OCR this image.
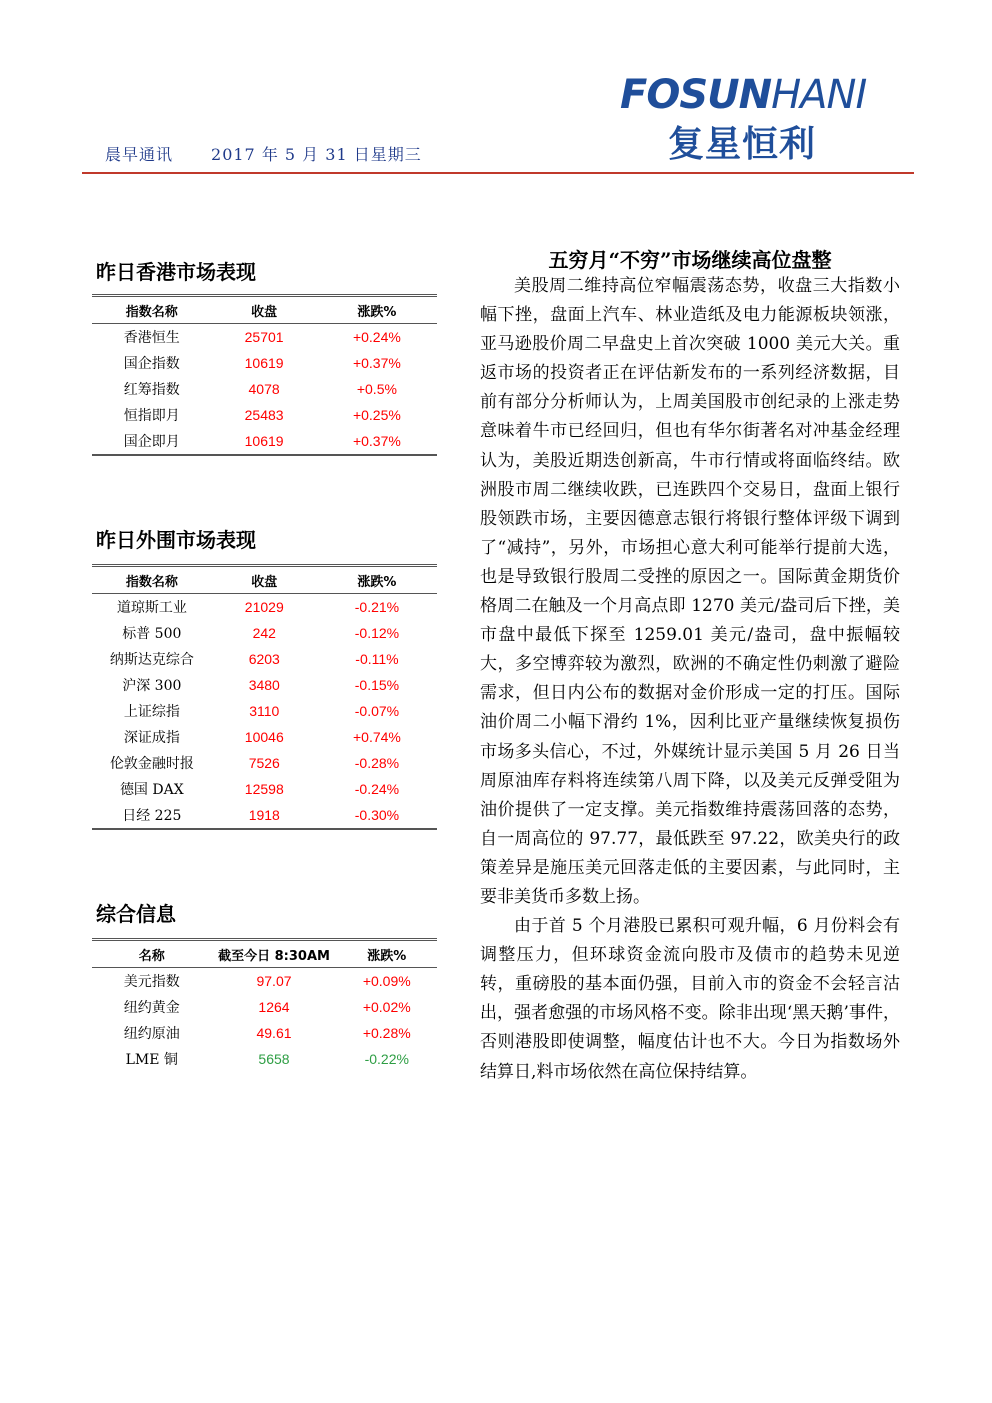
晨早通讯 2017 年 5 月 31 日星期三
FOSUNHANI
复星恒利
昨日香港市场表现
指数名称	收盘	涨跌%
香港恒生	25701	+0.24%
国企指数	10619	+0.37%
红筹指数	4078	+0.5%
恒指即月	25483	+0.25%
国企即月	10619	+0.37%
昨日外围市场表现
指数名称	收盘	涨跌%
道琼斯工业	21029	-0.21%
标普 500	242	-0.12%
纳斯达克综合	6203	-0.11%
沪深 300	3480	-0.15%
上证综指	3110	-0.07%
深证成指	10046	+0.74%
伦敦金融时报	7526	-0.28%
德国 DAX	12598	-0.24%
日经 225	1918	-0.30%
综合信息
名称	截至今日 8:30AM	涨跌%
美元指数	97.07	+0.09%
纽约黄金	1264	+0.02%
纽约原油	49.61	+0.28%
LME 铜	5658	-0.22%
五穷月“不穷”市场继续高位盘整

美股周二维持高位窄幅震荡态势，收盘三大指数小幅下挫，盘面上汽车、林业造纸及电力能源板块领涨，亚马逊股价周二早盘史上首次突破 1000 美元大关。重返市场的投资者正在评估新发布的一系列经济数据，目前有部分分析师认为，上周美国股市创纪录的上涨走势意味着牛市已经回归，但也有华尔街著名对冲基金经理认为，美股近期迭创新高，牛市行情或将面临终结。欧洲股市周二继续收跌，已连跌四个交易日，盘面上银行股领跌市场，主要因德意志银行将银行整体评级下调到了“减持”，另外，市场担心意大利可能举行提前大选，也是导致银行股周二受挫的原因之一。国际黄金期货价格周二在触及一个月高点即 1270 美元/盎司后下挫，美市盘中最低下探至 1259.01 美元/盎司，盘中振幅较大，多空博弈较为激烈，欧洲的不确定性仍刺激了避险需求，但日内公布的数据对金价形成一定的打压。国际油价周二小幅下滑约 1%，因利比亚产量继续恢复损伤市场多头信心，不过，外媒统计显示美国 5 月 26 日当周原油库存料将连续第八周下降，以及美元反弹受阻为油价提供了一定支撑。美元指数维持震荡回落的态势，自一周高位的 97.77，最低跌至 97.22，欧美央行的政策差异是施压美元回落走低的主要因素，与此同时，主要非美货币多数上扬。

由于首 5 个月港股已累积可观升幅，6 月份料会有调整压力，但环球资金流向股市及债市的趋势未见逆转，重磅股的基本面仍强，目前入市的资金不会轻言沽出，强者愈强的市场风格不变。除非出现‘黑天鹅’事件，否则港股即使调整，幅度估计也不大。今日为指数场外结算日,料市场依然在高位保持结算。
